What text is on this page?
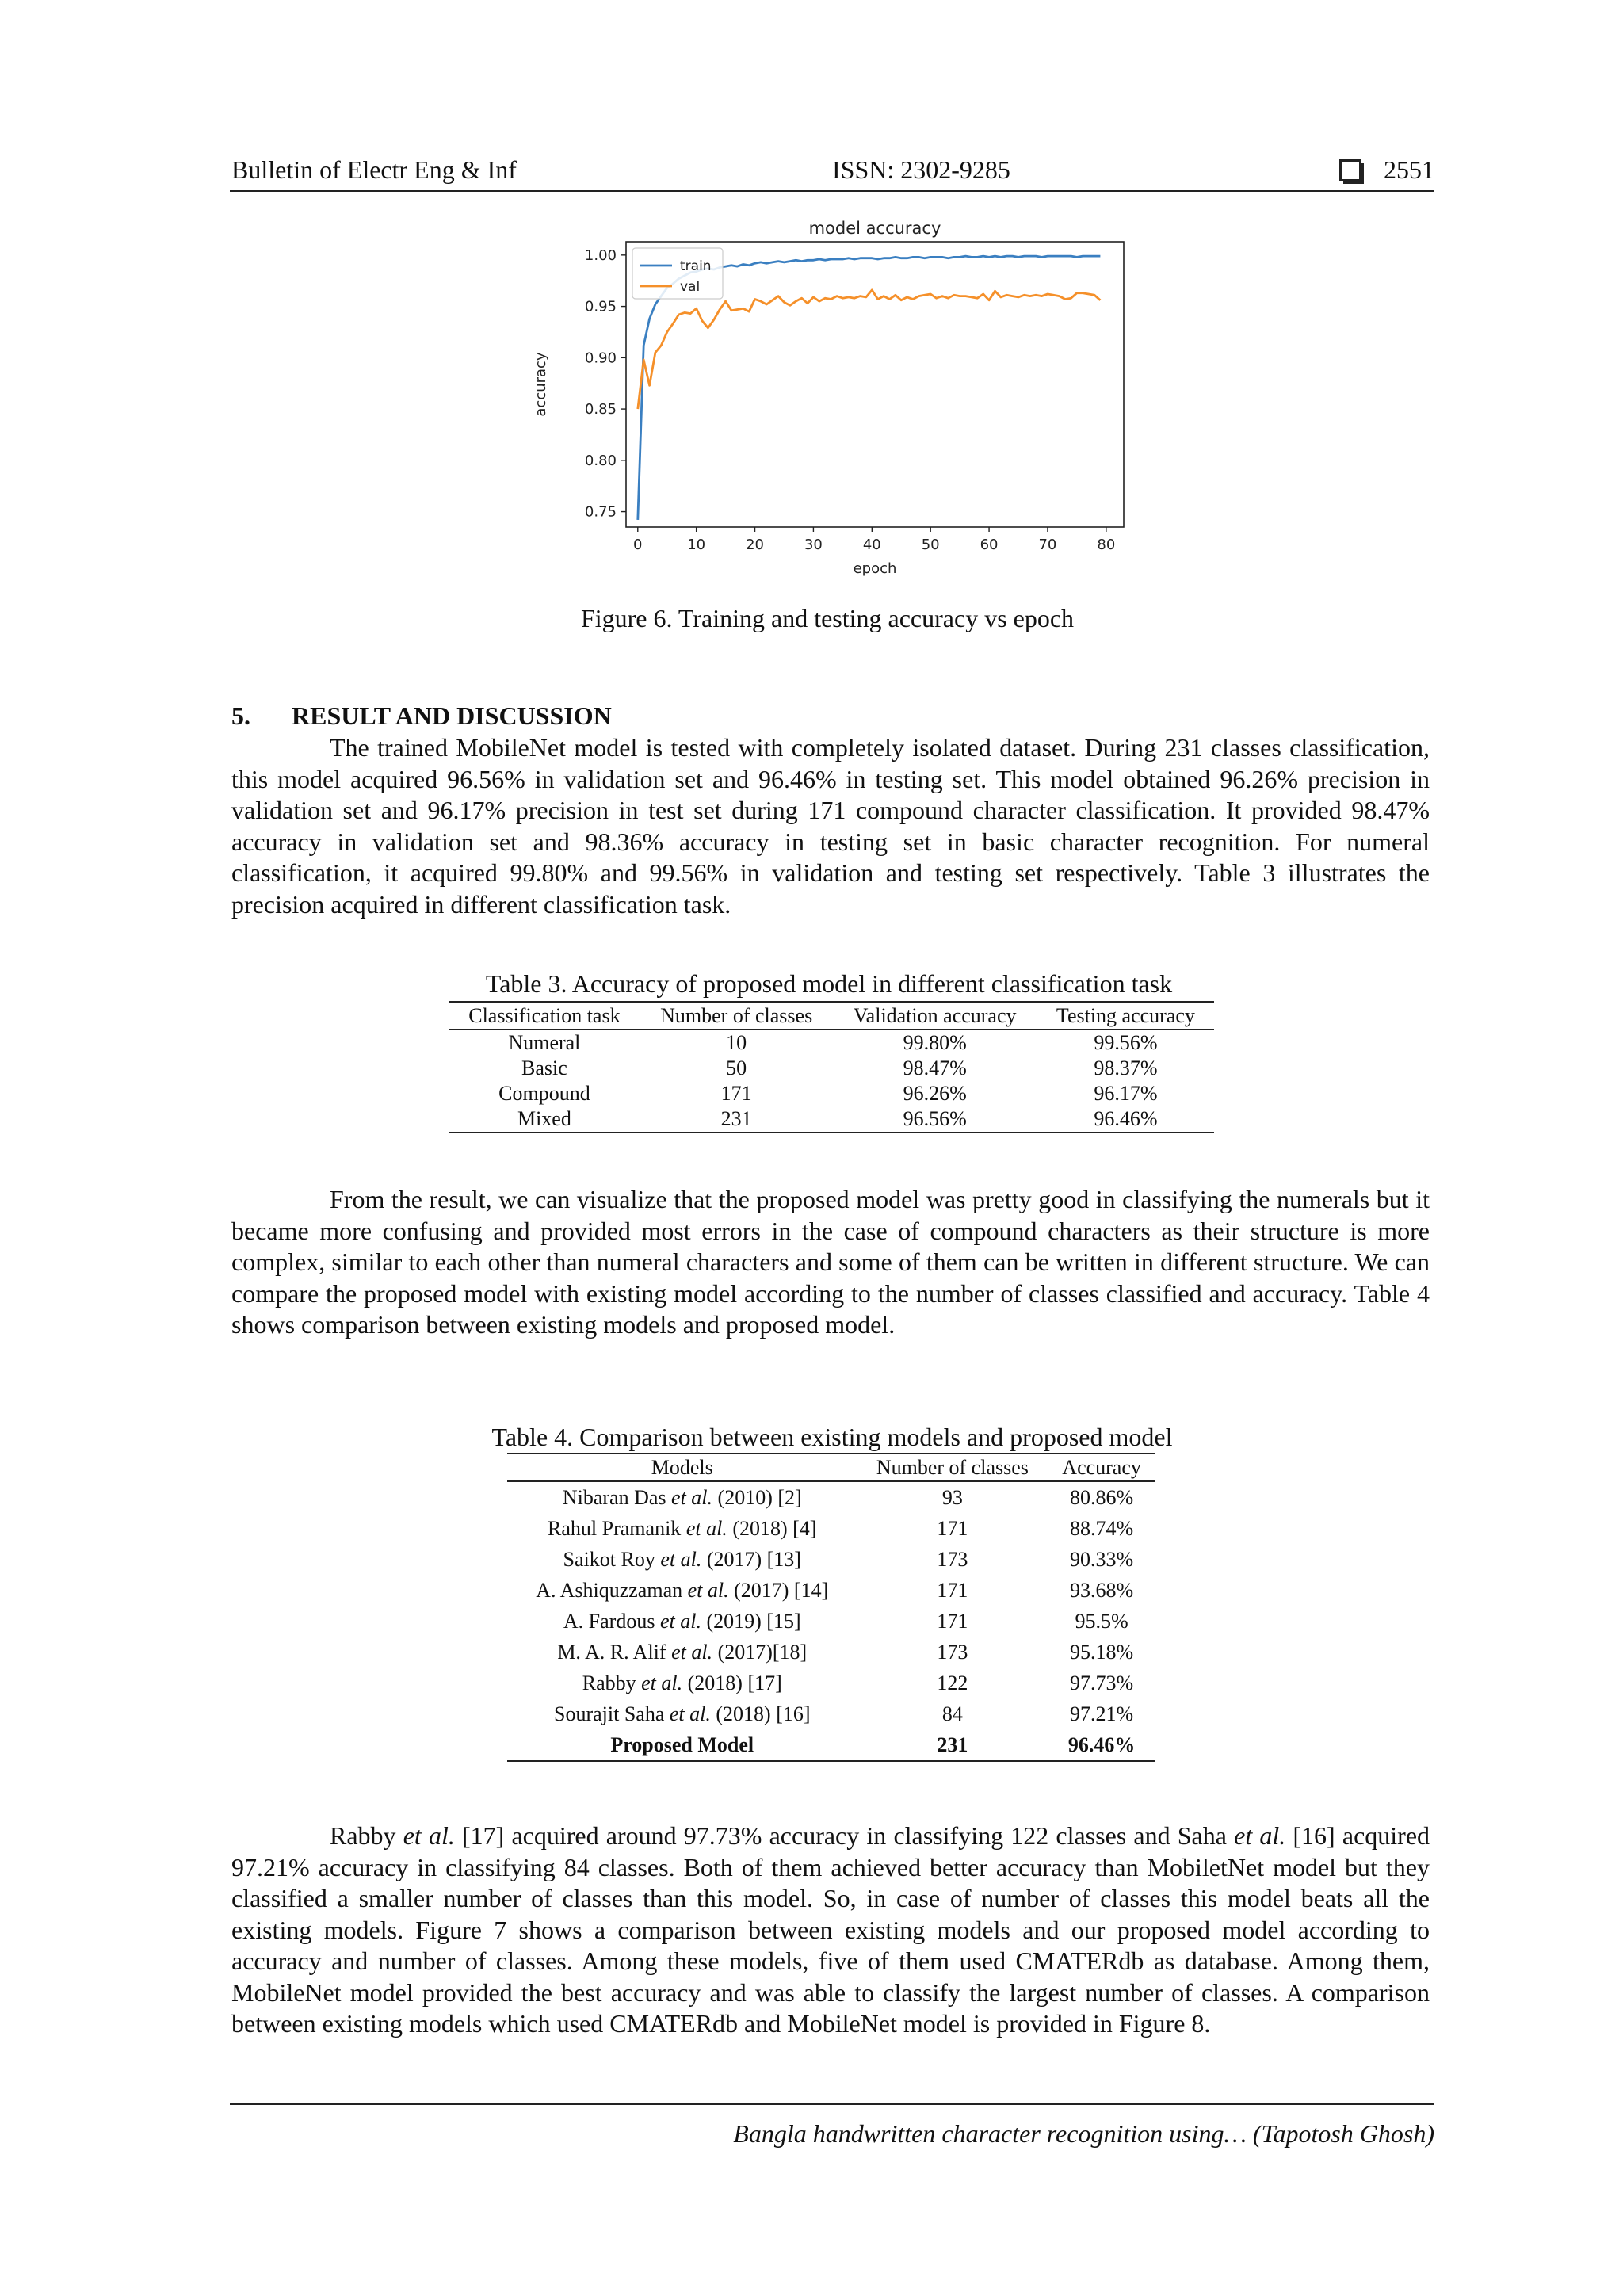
Bulletin of Electr Eng & Inf	ISSN: 2302-9285	2551
model accuracy
epoch
accuracy
0	10	20	30	40	50	60	70	80
0.75
0.80
0.85
0.90
0.95
1.00
train
val
Figure 6. Training and testing accuracy vs epoch
5. RESULT AND DISCUSSION
The trained MobileNet model is tested with completely isolated dataset. During 231 classes classification, this model acquired 96.56% in validation set and 96.46% in testing set. This model obtained 96.26% precision in validation set and 96.17% precision in test set during 171 compound character classification. It provided 98.47% accuracy in validation set and 98.36% accuracy in testing set in basic character recognition. For numeral classification, it acquired 99.80% and 99.56% in validation and testing set respectively. Table 3 illustrates the precision acquired in different classification task.
Table 3. Accuracy of proposed model in different classification task
Classification task	Number of classes	Validation accuracy	Testing accuracy
Numeral	10	99.80%	99.56%
Basic	50	98.47%	98.37%
Compound	171	96.26%	96.17%
Mixed	231	96.56%	96.46%
From the result, we can visualize that the proposed model was pretty good in classifying the numerals but it became more confusing and provided most errors in the case of compound characters as their structure is more complex, similar to each other than numeral characters and some of them can be written in different structure. We can compare the proposed model with existing model according to the number of classes classified and accuracy. Table 4 shows comparison between existing models and proposed model.
Table 4. Comparison between existing models and proposed model
Models	Number of classes	Accuracy
Nibaran Das et al. (2010) [2]	93	80.86%
Rahul Pramanik et al. (2018) [4]	171	88.74%
Saikot Roy et al. (2017) [13]	173	90.33%
A. Ashiquzzaman et al. (2017) [14]	171	93.68%
A. Fardous et al. (2019) [15]	171	95.5%
M. A. R. Alif et al. (2017)[18]	173	95.18%
Rabby et al. (2018) [17]	122	97.73%
Sourajit Saha et al. (2018) [16]	84	97.21%
Proposed Model	231	96.46%
Rabby et al. [17] acquired around 97.73% accuracy in classifying 122 classes and Saha et al. [16] acquired 97.21% accuracy in classifying 84 classes. Both of them achieved better accuracy than MobiletNet model but they classified a smaller number of classes than this model. So, in case of number of classes this model beats all the existing models. Figure 7 shows a comparison between existing models and our proposed model according to accuracy and number of classes. Among these models, five of them used CMATERdb as database. Among them, MobileNet model provided the best accuracy and was able to classify the largest number of classes. A comparison between existing models which used CMATERdb and MobileNet model is provided in Figure 8.
Bangla handwritten character recognition using… (Tapotosh Ghosh)
